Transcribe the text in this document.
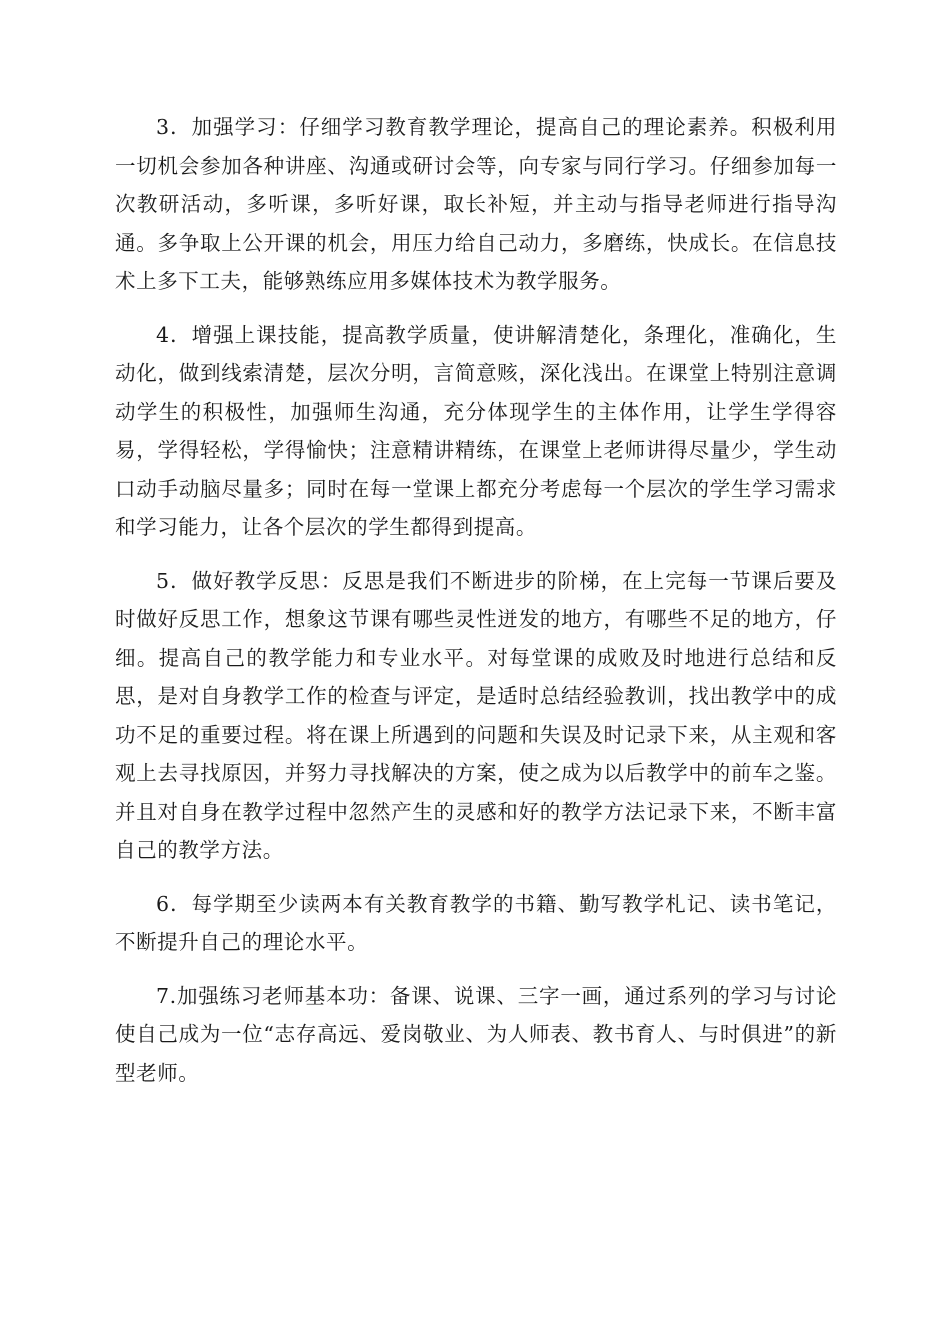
3．加强学习：仔细学习教育教学理论，提高自己的理论素养。积极利用一切机会参加各种讲座、沟通或研讨会等，向专家与同行学习。仔细参加每一次教研活动，多听课，多听好课，取长补短，并主动与指导老师进行指导沟通。多争取上公开课的机会，用压力给自己动力，多磨练，快成长。在信息技术上多下工夫，能够熟练应用多媒体技术为教学服务。

4．增强上课技能，提高教学质量，使讲解清楚化，条理化，准确化，生动化，做到线索清楚，层次分明，言简意赅，深化浅出。在课堂上特别注意调动学生的积极性，加强师生沟通，充分体现学生的主体作用，让学生学得容易，学得轻松，学得愉快；注意精讲精练，在课堂上老师讲得尽量少，学生动口动手动脑尽量多；同时在每一堂课上都充分考虑每一个层次的学生学习需求和学习能力，让各个层次的学生都得到提高。

5．做好教学反思：反思是我们不断进步的阶梯，在上完每一节课后要及时做好反思工作，想象这节课有哪些灵性迸发的地方，有哪些不足的地方，仔细。提高自己的教学能力和专业水平。对每堂课的成败及时地进行总结和反思，是对自身教学工作的检查与评定，是适时总结经验教训，找出教学中的成功不足的重要过程。将在课上所遇到的问题和失误及时记录下来，从主观和客观上去寻找原因，并努力寻找解决的方案，使之成为以后教学中的前车之鉴。并且对自身在教学过程中忽然产生的灵感和好的教学方法记录下来，不断丰富自己的教学方法。

6．每学期至少读两本有关教育教学的书籍、勤写教学札记、读书笔记，不断提升自己的理论水平。

7.加强练习老师基本功：备课、说课、三字一画，通过系列的学习与讨论使自己成为一位“志存高远、爱岗敬业、为人师表、教书育人、与时俱进”的新型老师。
